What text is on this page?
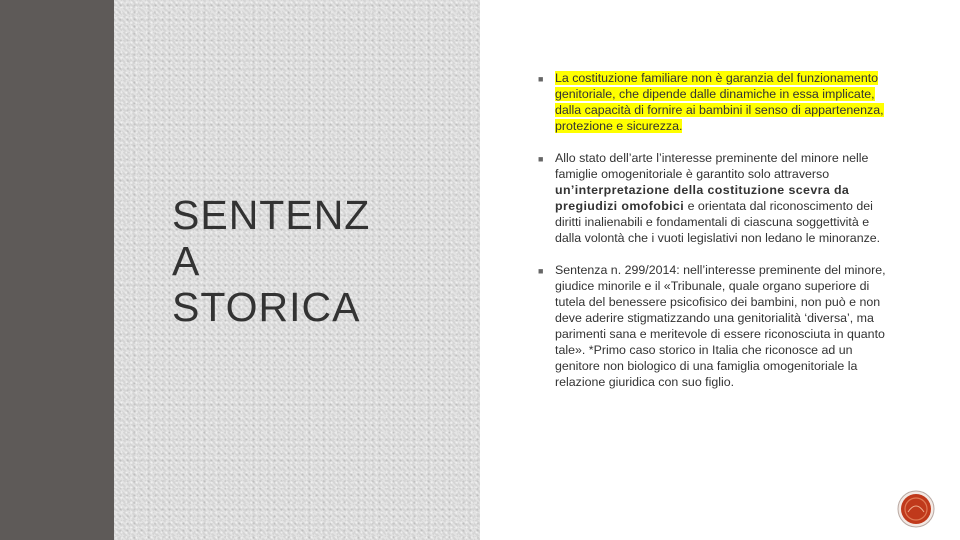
SENTENZ
A
STORICA
■ La costituzione familiare non è garanzia del funzionamento genitoriale, che dipende dalle dinamiche in essa implicate, dalla capacità di fornire ai bambini il senso di appartenenza, protezione e sicurezza.
■ Allo stato dell’arte l’interesse preminente del minore nelle famiglie omogenitoriale è garantito solo attraverso un’interpretazione della costituzione scevra da pregiudizi omofobici e orientata dal riconoscimento dei diritti inalienabili e fondamentali di ciascuna soggettività e dalla volontà che i vuoti legislativi non ledano le minoranze.
■ Sentenza n. 299/2014: nell’interesse preminente del minore, giudice minorile e il «Tribunale, quale organo superiore di tutela del benessere psicofisico dei bambini, non può e non deve aderire stigmatizzando una genitorialità ‘diversa’, ma parimenti sana e meritevole di essere riconosciuta in quanto tale». *Primo caso storico in Italia che riconosce ad un genitore non biologico di una famiglia omogenitoriale la relazione giuridica con suo figlio.
